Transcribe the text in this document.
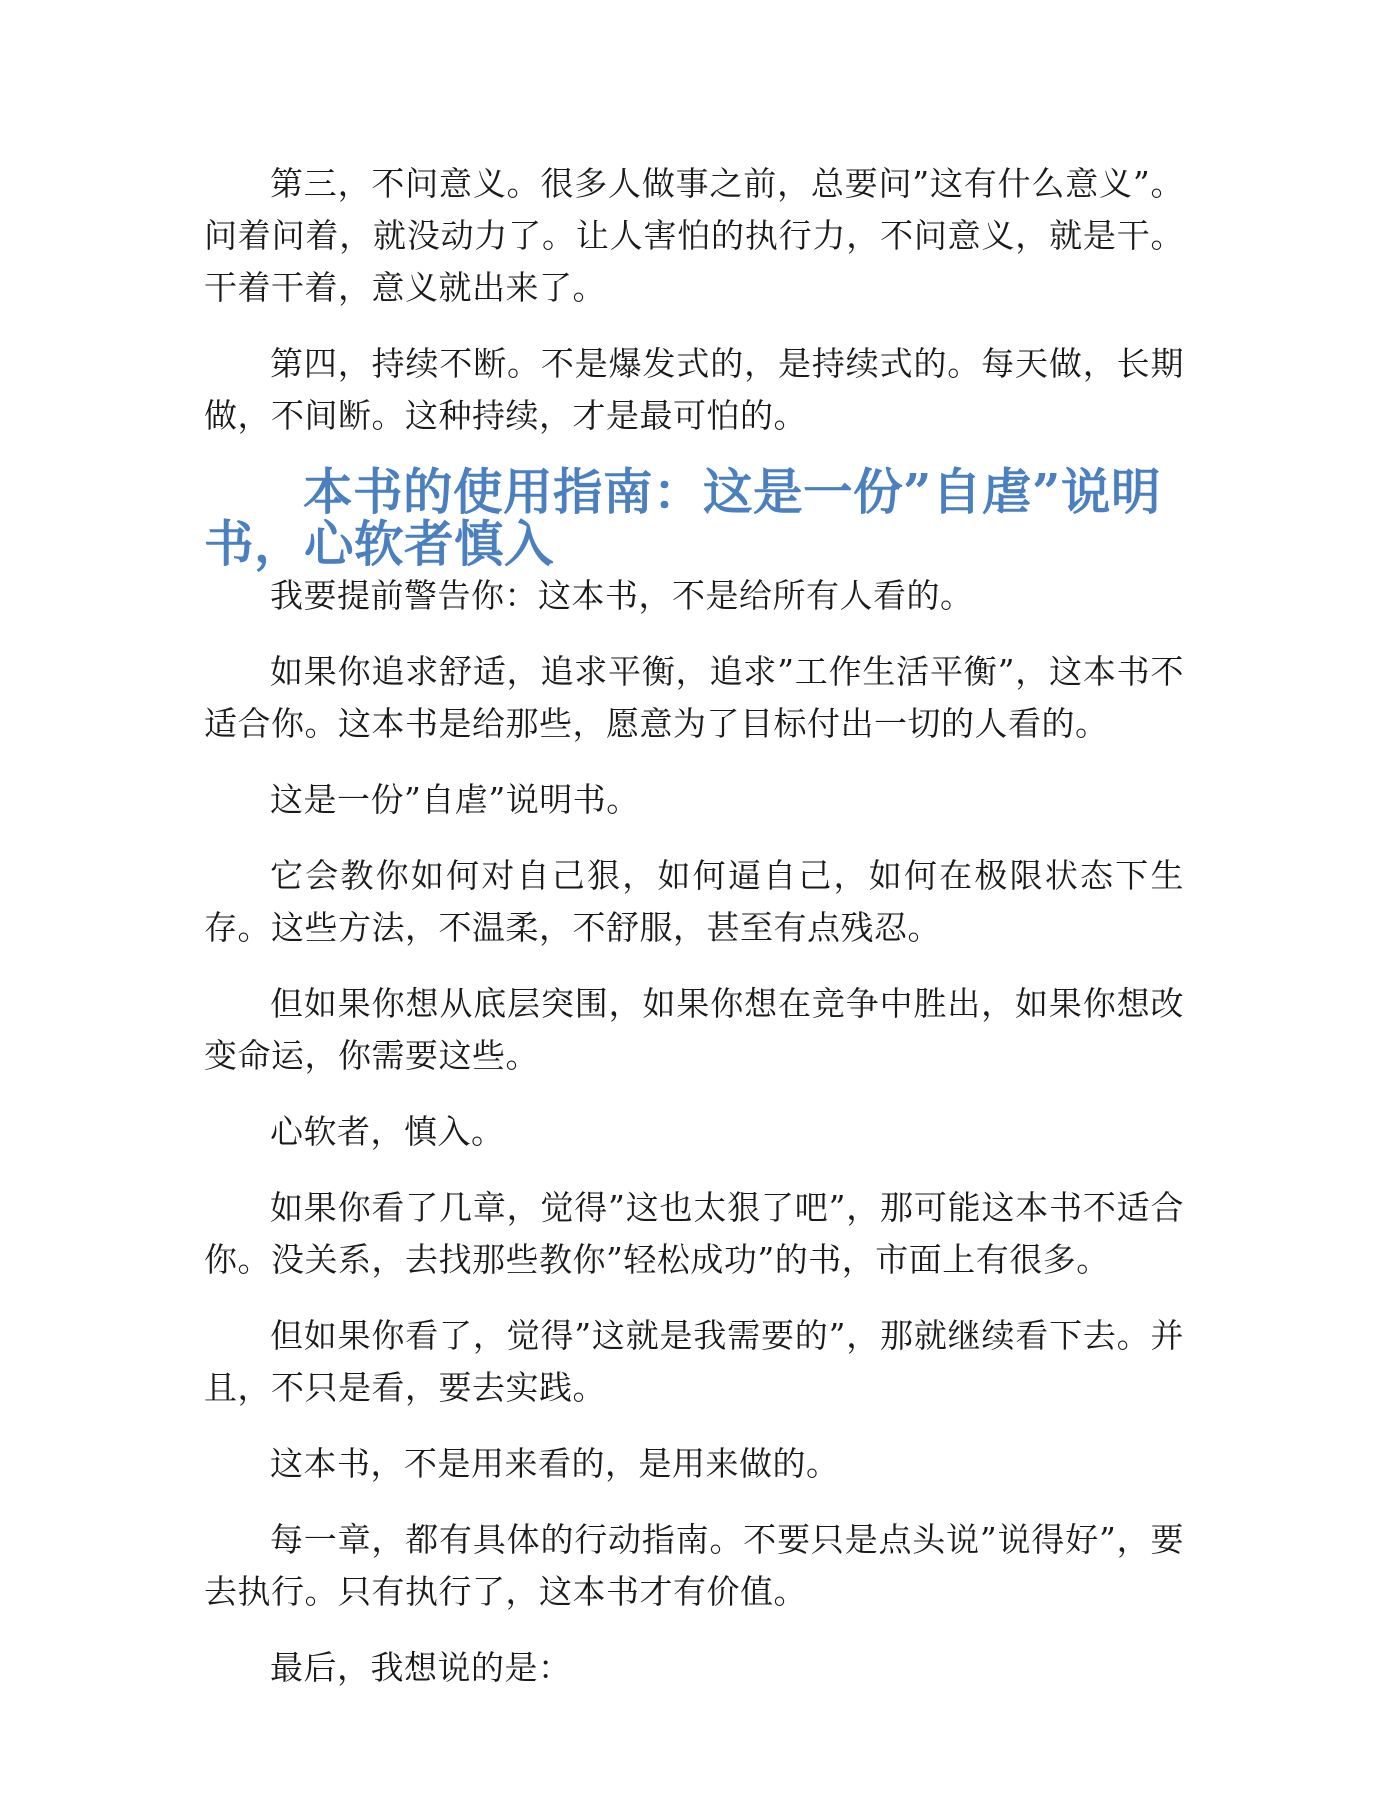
第三，不问意义。很多人做事之前，总要问”这有什么意义”。问着问着，就没动力了。让人害怕的执行力，不问意义，就是干。干着干着，意义就出来了。

第四，持续不断。不是爆发式的，是持续式的。每天做，长期做，不间断。这种持续，才是最可怕的。

本书的使用指南：这是一份”自虐”说明书，心软者慎入

我要提前警告你：这本书，不是给所有人看的。

如果你追求舒适，追求平衡，追求”工作生活平衡”，这本书不适合你。这本书是给那些，愿意为了目标付出一切的人看的。

这是一份”自虐”说明书。

它会教你如何对自己狠，如何逼自己，如何在极限状态下生存。这些方法，不温柔，不舒服，甚至有点残忍。

但如果你想从底层突围，如果你想在竞争中胜出，如果你想改变命运，你需要这些。

心软者，慎入。

如果你看了几章，觉得”这也太狠了吧”，那可能这本书不适合你。没关系，去找那些教你”轻松成功”的书，市面上有很多。

但如果你看了，觉得”这就是我需要的”，那就继续看下去。并且，不只是看，要去实践。

这本书，不是用来看的，是用来做的。

每一章，都有具体的行动指南。不要只是点头说”说得好”，要去执行。只有执行了，这本书才有价值。

最后，我想说的是：
